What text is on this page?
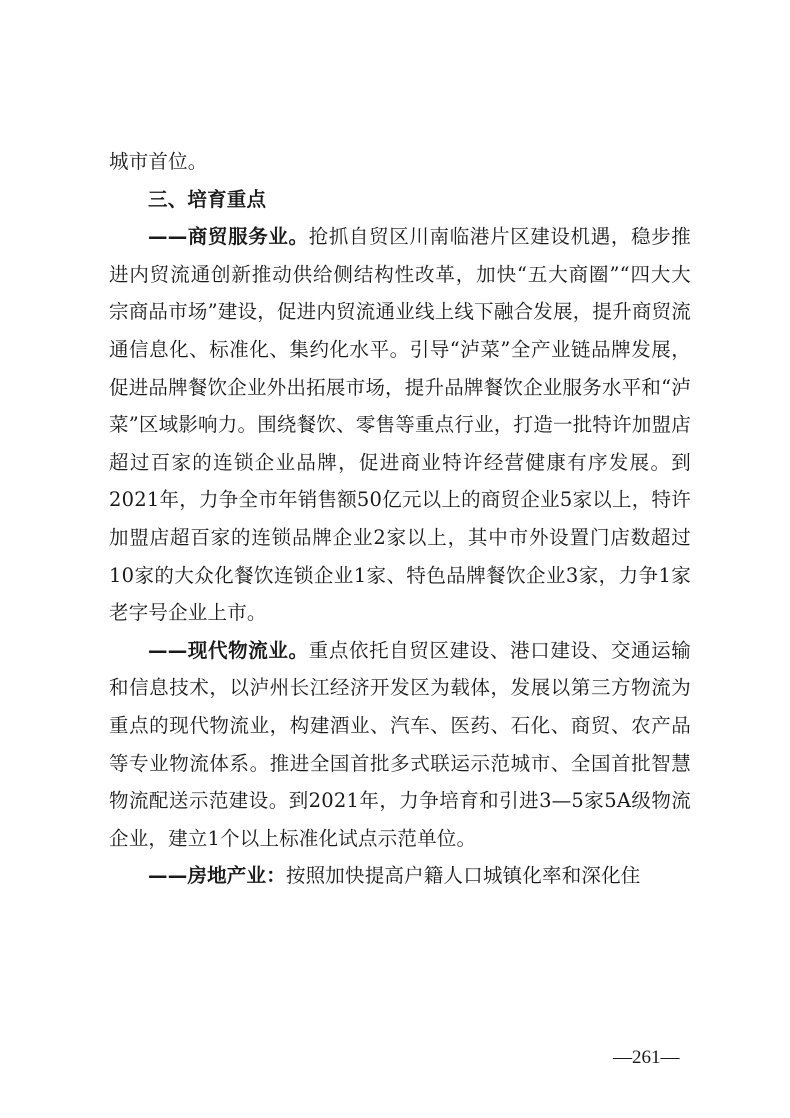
城市首位。

三、培育重点

——商贸服务业。抢抓自贸区川南临港片区建设机遇，稳步推进内贸流通创新推动供给侧结构性改革，加快“五大商圈”“四大大宗商品市场”建设，促进内贸流通业线上线下融合发展，提升商贸流通信息化、标准化、集约化水平。引导“泸菜”全产业链品牌发展，促进品牌餐饮企业外出拓展市场，提升品牌餐饮企业服务水平和“泸菜”区域影响力。围绕餐饮、零售等重点行业，打造一批特许加盟店超过百家的连锁企业品牌，促进商业特许经营健康有序发展。到2021年，力争全市年销售额50亿元以上的商贸企业5家以上，特许加盟店超百家的连锁品牌企业2家以上，其中市外设置门店数超过10家的大众化餐饮连锁企业1家、特色品牌餐饮企业3家，力争1家老字号企业上市。

——现代物流业。重点依托自贸区建设、港口建设、交通运输和信息技术，以泸州长江经济开发区为载体，发展以第三方物流为重点的现代物流业，构建酒业、汽车、医药、石化、商贸、农产品等专业物流体系。推进全国首批多式联运示范城市、全国首批智慧物流配送示范建设。到2021年，力争培育和引进3—5家5A级物流企业，建立1个以上标准化试点示范单位。

——房地产业：按照加快提高户籍人口城镇化率和深化住

—261—
